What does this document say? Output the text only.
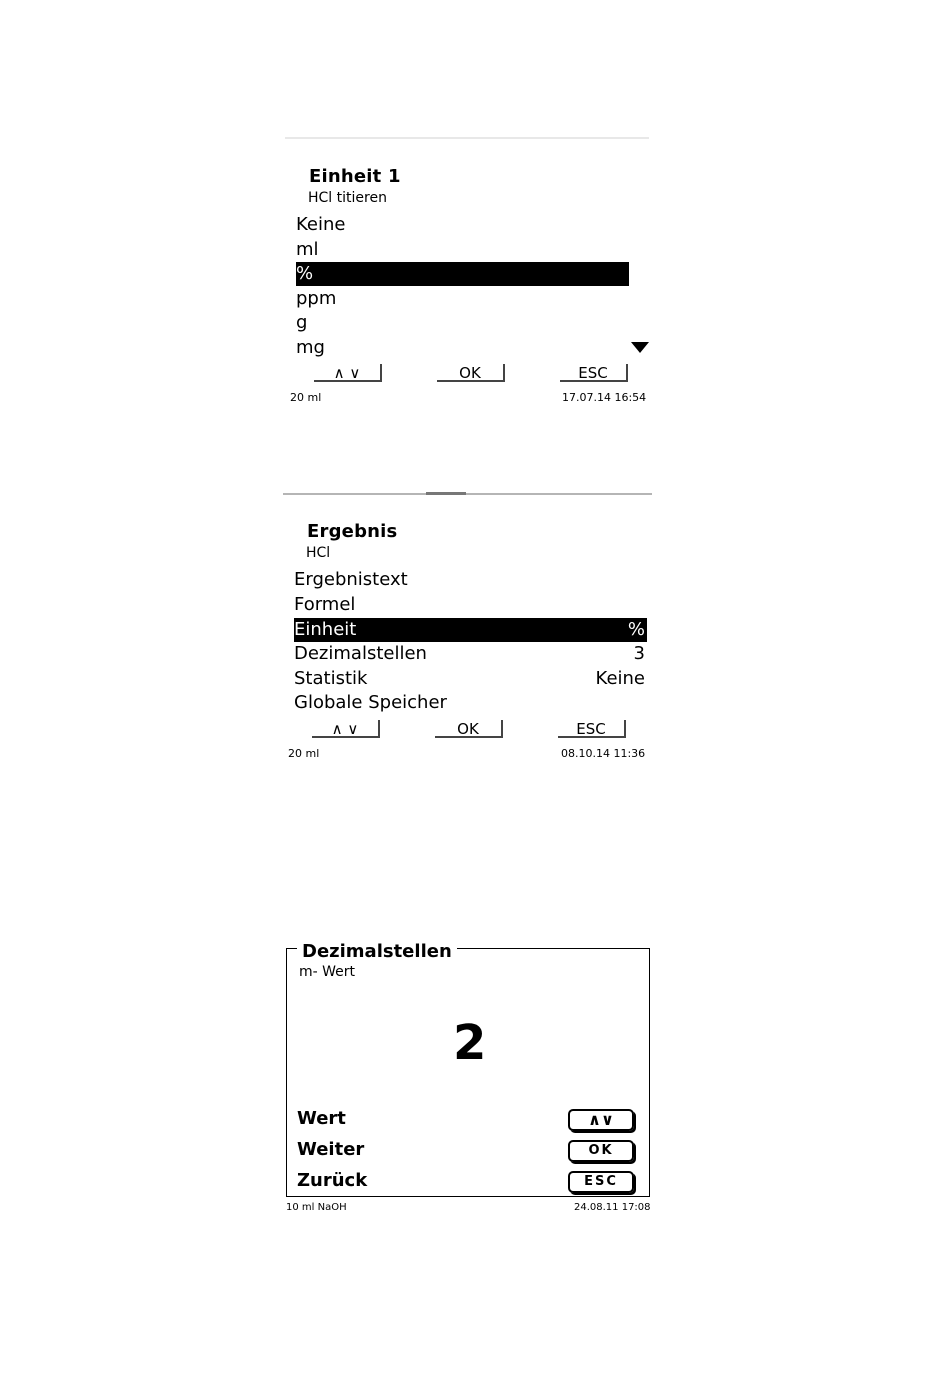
Einheit 1
HCl titieren
Keine
ml
%
ppm
g
mg
∧ ∨	OK	ESC
20 ml	17.07.14 16:54
Ergebnis
HCl
Ergebnistext
Formel
Einheit	%
Dezimalstellen	3
Statistik	Keine
Globale Speicher
∧ ∨	OK	ESC
20 ml	08.10.14 11:36
Dezimalstellen
m- Wert
2
Wert
Weiter
Zurück
∧∨
OK
ESC
10 ml NaOH	24.08.11 17:08
